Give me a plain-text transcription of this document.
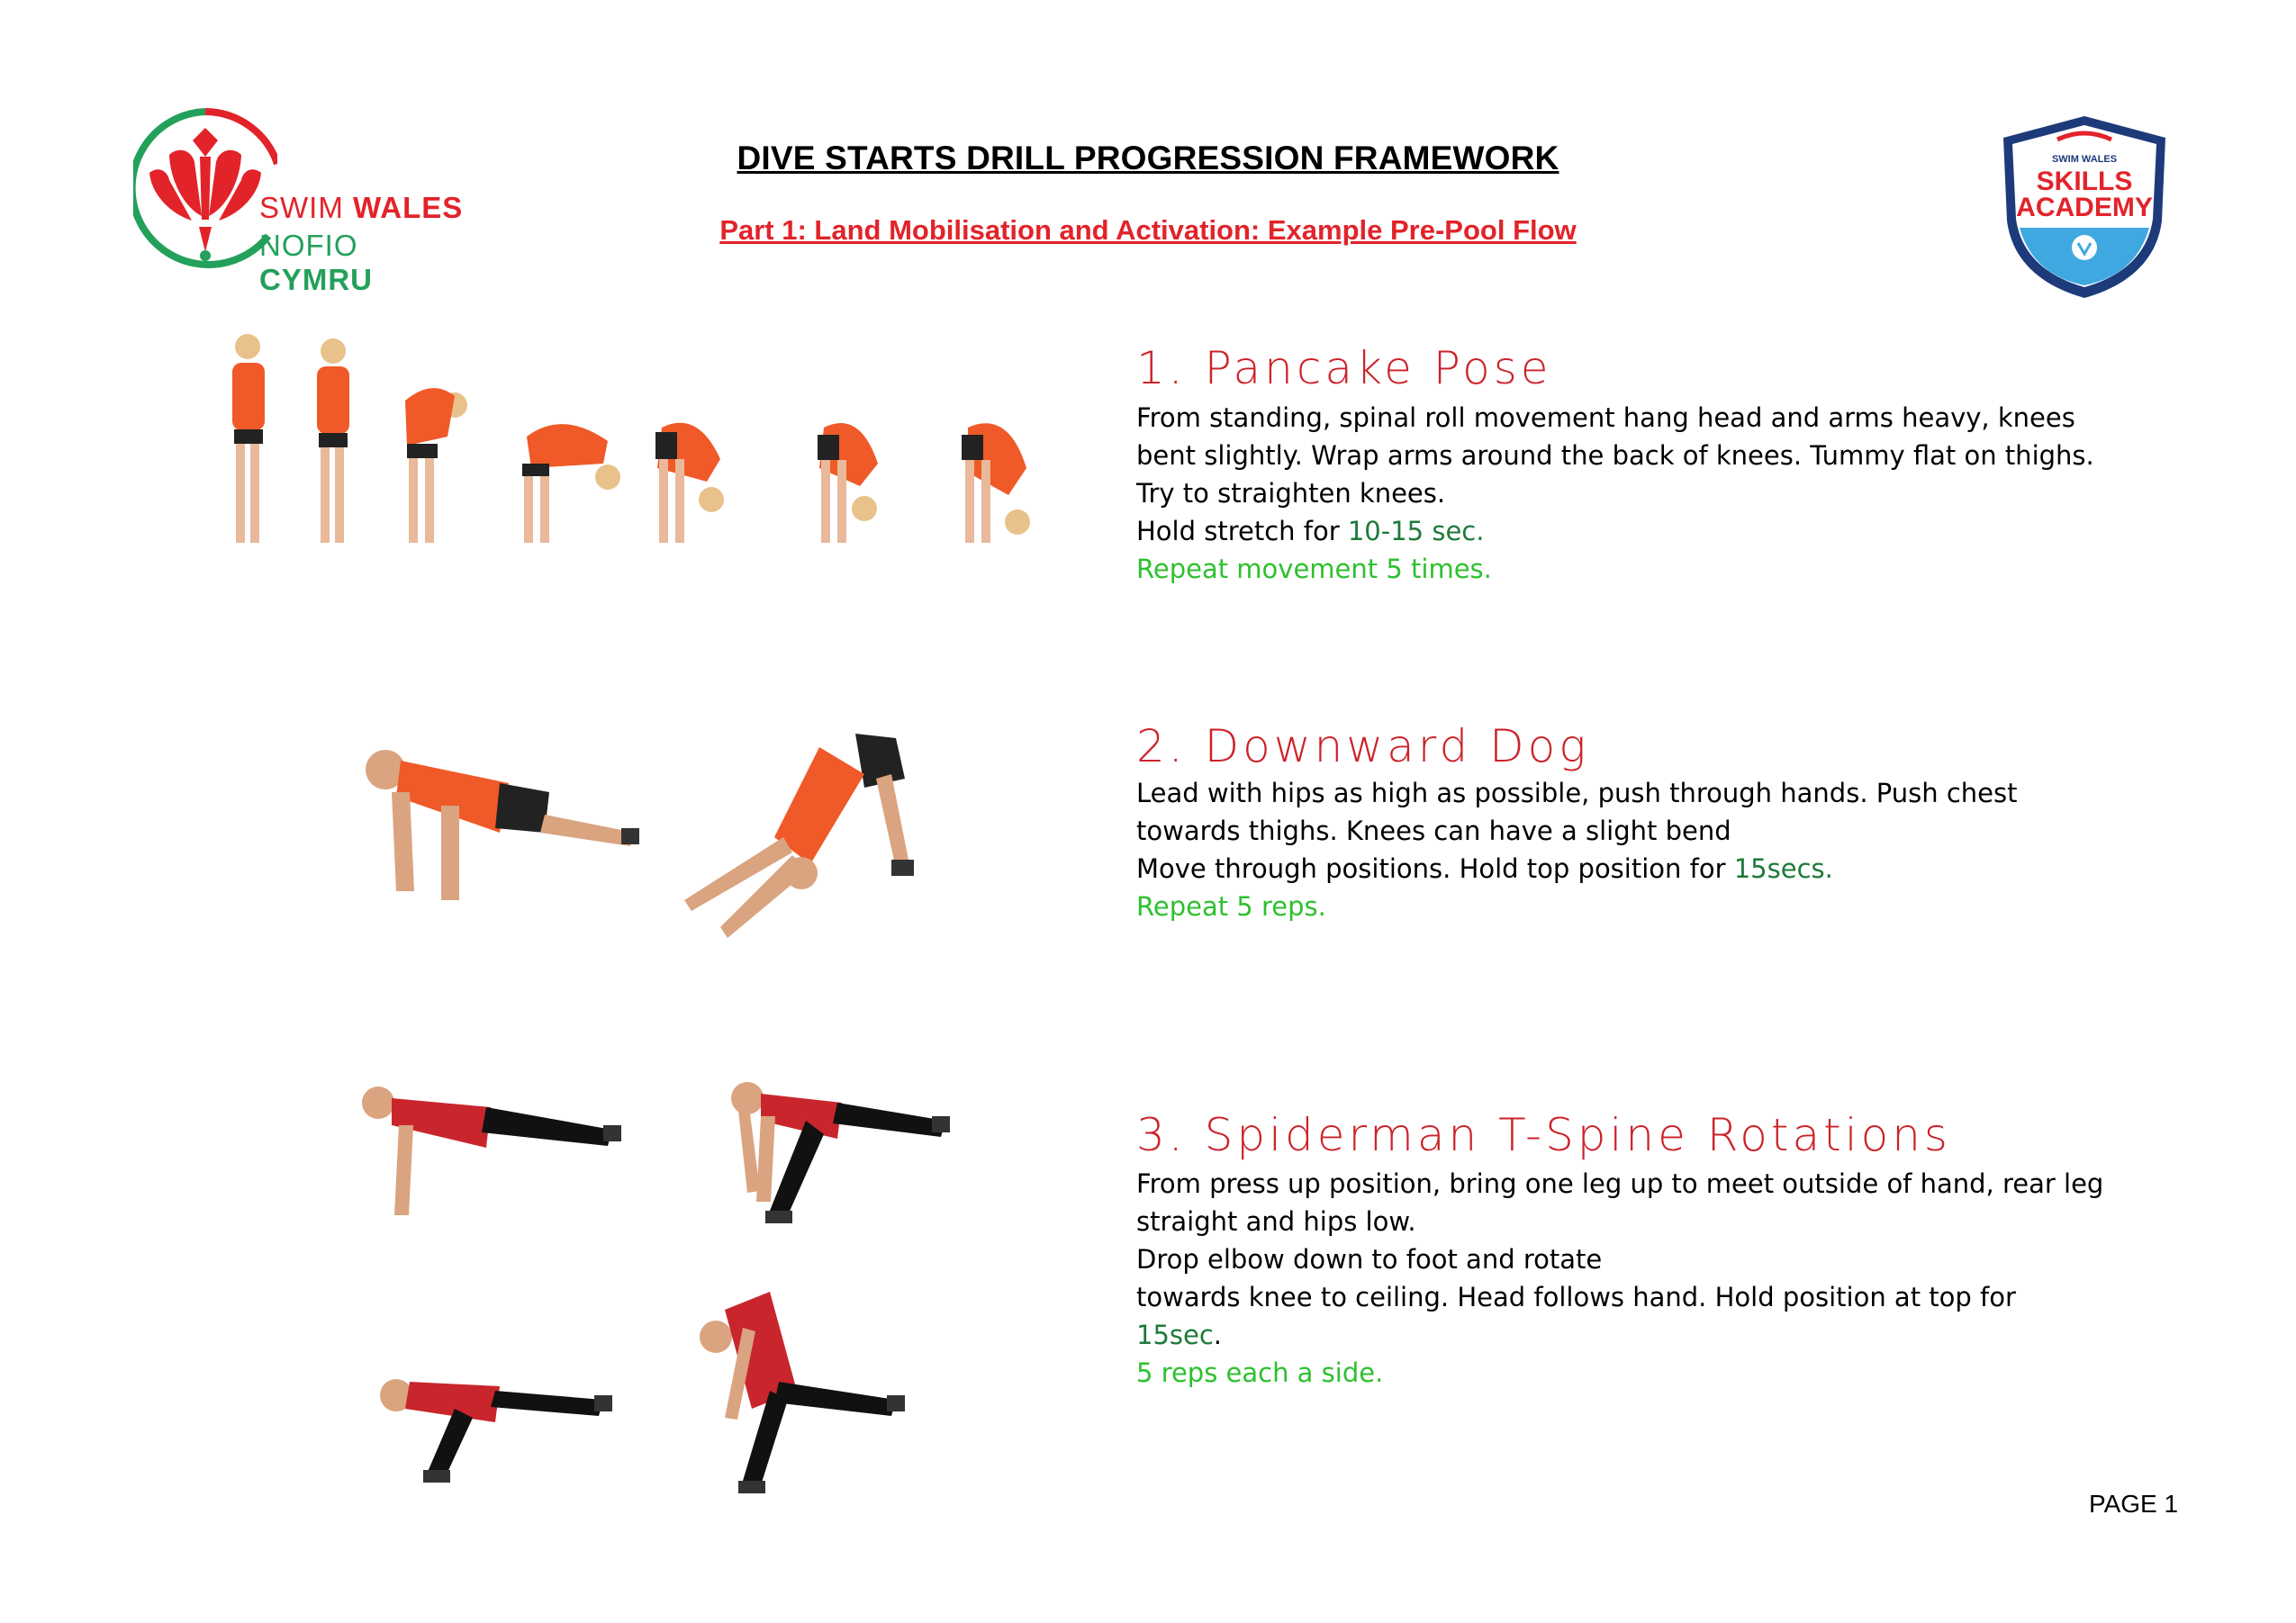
SWIM WALES
NOFIO CYMRU
DIVE STARTS DRILL PROGRESSION FRAMEWORK
Part 1: Land Mobilisation and Activation: Example Pre-Pool Flow
SWIM WALES
SKILLS
ACADEMY
1. Pancake Pose

From standing, spinal roll movement hang head and arms heavy, knees

bent slightly. Wrap arms around the back of knees. Tummy flat on thighs.

Try to straighten knees.

Hold stretch for 10-15 sec.

Repeat movement 5 times.

2. Downward Dog

Lead with hips as high as possible, push through hands. Push chest

towards thighs. Knees can have a slight bend

Move through positions. Hold top position for 15secs.

Repeat 5 reps.

3. Spiderman T-Spine Rotations

From press up position, bring one leg up to meet outside of hand, rear leg

straight and hips low.

Drop elbow down to foot and rotate

towards knee to ceiling. Head follows hand. Hold position at top for

15sec.

5 reps each a side.

PAGE 1
